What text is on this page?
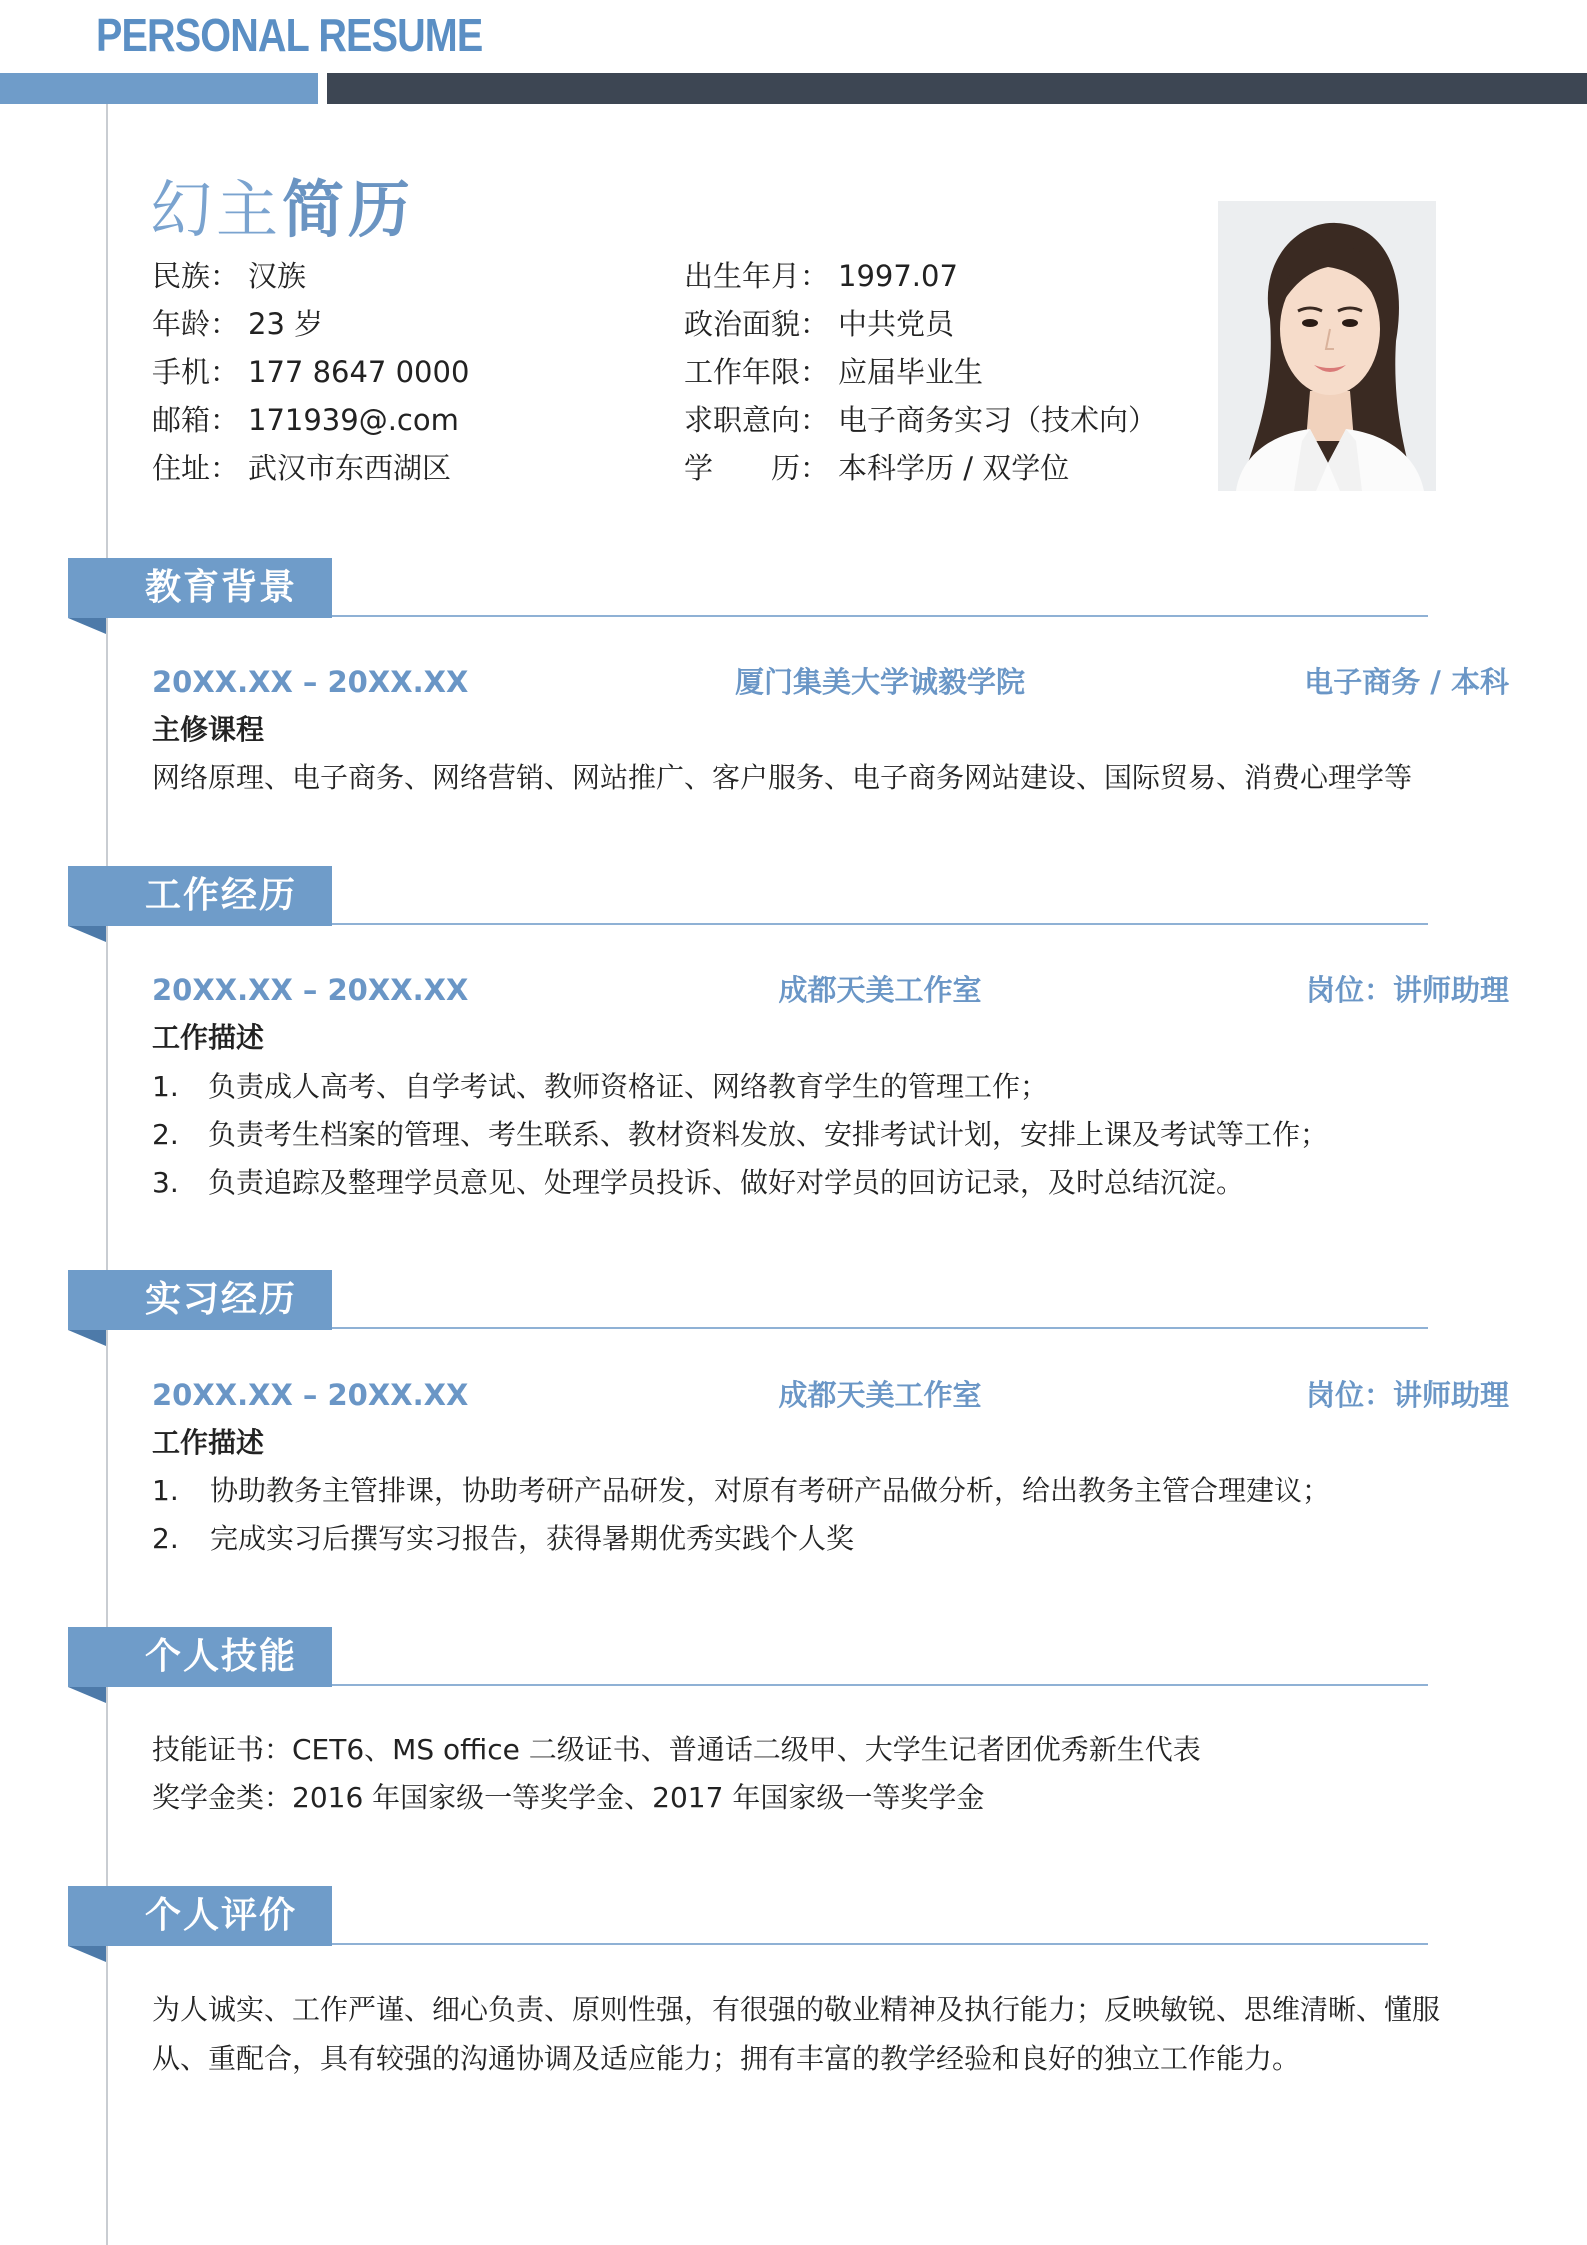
PERSONAL RESUME
幻主简历
民族： 汉族
年龄： 23 岁
手机： 177 8647 0000
邮箱： 171939@.com
住址： 武汉市东西湖区
出生年月： 1997.07
政治面貌： 中共党员
工作年限： 应届毕业生
求职意向： 电子商务实习（技术向）
学　　历： 本科学历 / 双学位
教育背景
20XX.XX – 20XX.XX	厦门集美大学诚毅学院	电子商务 / 本科
主修课程
网络原理、电子商务、网络营销、网站推广、客户服务、电子商务网站建设、国际贸易、消费心理学等
工作经历
20XX.XX – 20XX.XX	成都天美工作室	岗位：讲师助理
工作描述
1. 负责成人高考、自学考试、教师资格证、网络教育学生的管理工作；
2. 负责考生档案的管理、考生联系、教材资料发放、安排考试计划，安排上课及考试等工作；
3. 负责追踪及整理学员意见、处理学员投诉、做好对学员的回访记录，及时总结沉淀。
实习经历
20XX.XX – 20XX.XX	成都天美工作室	岗位：讲师助理
工作描述
1. 协助教务主管排课，协助考研产品研发，对原有考研产品做分析，给出教务主管合理建议；
2. 完成实习后撰写实习报告，获得暑期优秀实践个人奖
个人技能
技能证书：CET6、MS office 二级证书、普通话二级甲、大学生记者团优秀新生代表
奖学金类：2016 年国家级一等奖学金、2017 年国家级一等奖学金
个人评价
为人诚实、工作严谨、细心负责、原则性强，有很强的敬业精神及执行能力；反映敏锐、思维清晰、懂服
从、重配合，具有较强的沟通协调及适应能力；拥有丰富的教学经验和良好的独立工作能力。
